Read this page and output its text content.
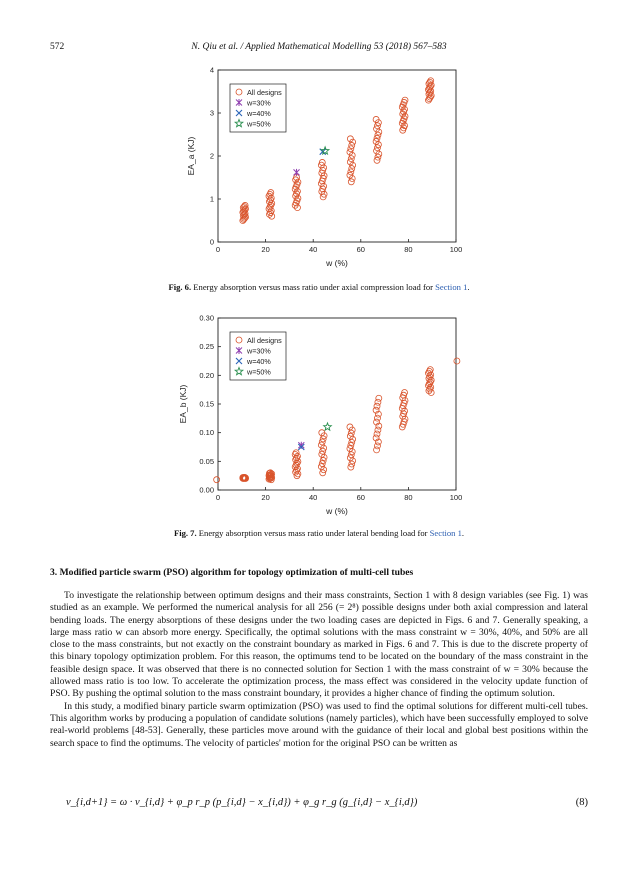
572	N. Qiu et al. / Applied Mathematical Modelling 53 (2018) 567–583
0	20	40	60	80	100
0
1
2
3
4
w (%)
EA_a (KJ)
All designs
w=30%
w=40%
w=50%
Fig. 6. Energy absorption versus mass ratio under axial compression load for Section 1.
0	20	40	60	80	100
0.00
0.05
0.10
0.15
0.20
0.25
0.30
w (%)
EA_b (KJ)
All designs
w=30%
w=40%
w=50%
Fig. 7. Energy absorption versus mass ratio under lateral bending load for Section 1.
3. Modified particle swarm (PSO) algorithm for topology optimization of multi-cell tubes

To investigate the relationship between optimum designs and their mass constraints, Section 1 with 8 design variables (see Fig. 1) was studied as an example. We performed the numerical analysis for all 256 (= 2⁸) possible designs under both axial compression and lateral bending loads. The energy absorptions of these designs under the two loading cases are depicted in Figs. 6 and 7. Generally speaking, a large mass ratio w can absorb more energy. Specifically, the optimal solutions with the mass constraint w = 30%, 40%, and 50% are all close to the mass constraints, but not exactly on the constraint boundary as marked in Figs. 6 and 7. This is due to the discrete property of this binary topology optimization problem. For this reason, the optimums tend to be located on the boundary of the mass constraint in the feasible design space. It was observed that there is no connected solution for Section 1 with the mass constraint of w = 30% because the allowed mass ratio is too low. To accelerate the optimization process, the mass effect was considered in the velocity update function of PSO. By pushing the optimal solution to the mass constraint boundary, it provides a higher chance of finding the optimum solution.

In this study, a modified binary particle swarm optimization (PSO) was used to find the optimal solutions for different multi-cell tubes. This algorithm works by producing a population of candidate solutions (namely particles), which have been successfully employed to solve real-world problems [48-53]. Generally, these particles move around with the guidance of their local and global best positions within the search space to find the optimums. The velocity of particles' motion for the original PSO can be written as

v_{i,d+1} = ω · v_{i,d} + φ_p r_p (p_{i,d} − x_{i,d}) + φ_g r_g (g_{i,d} − x_{i,d})	(8)
